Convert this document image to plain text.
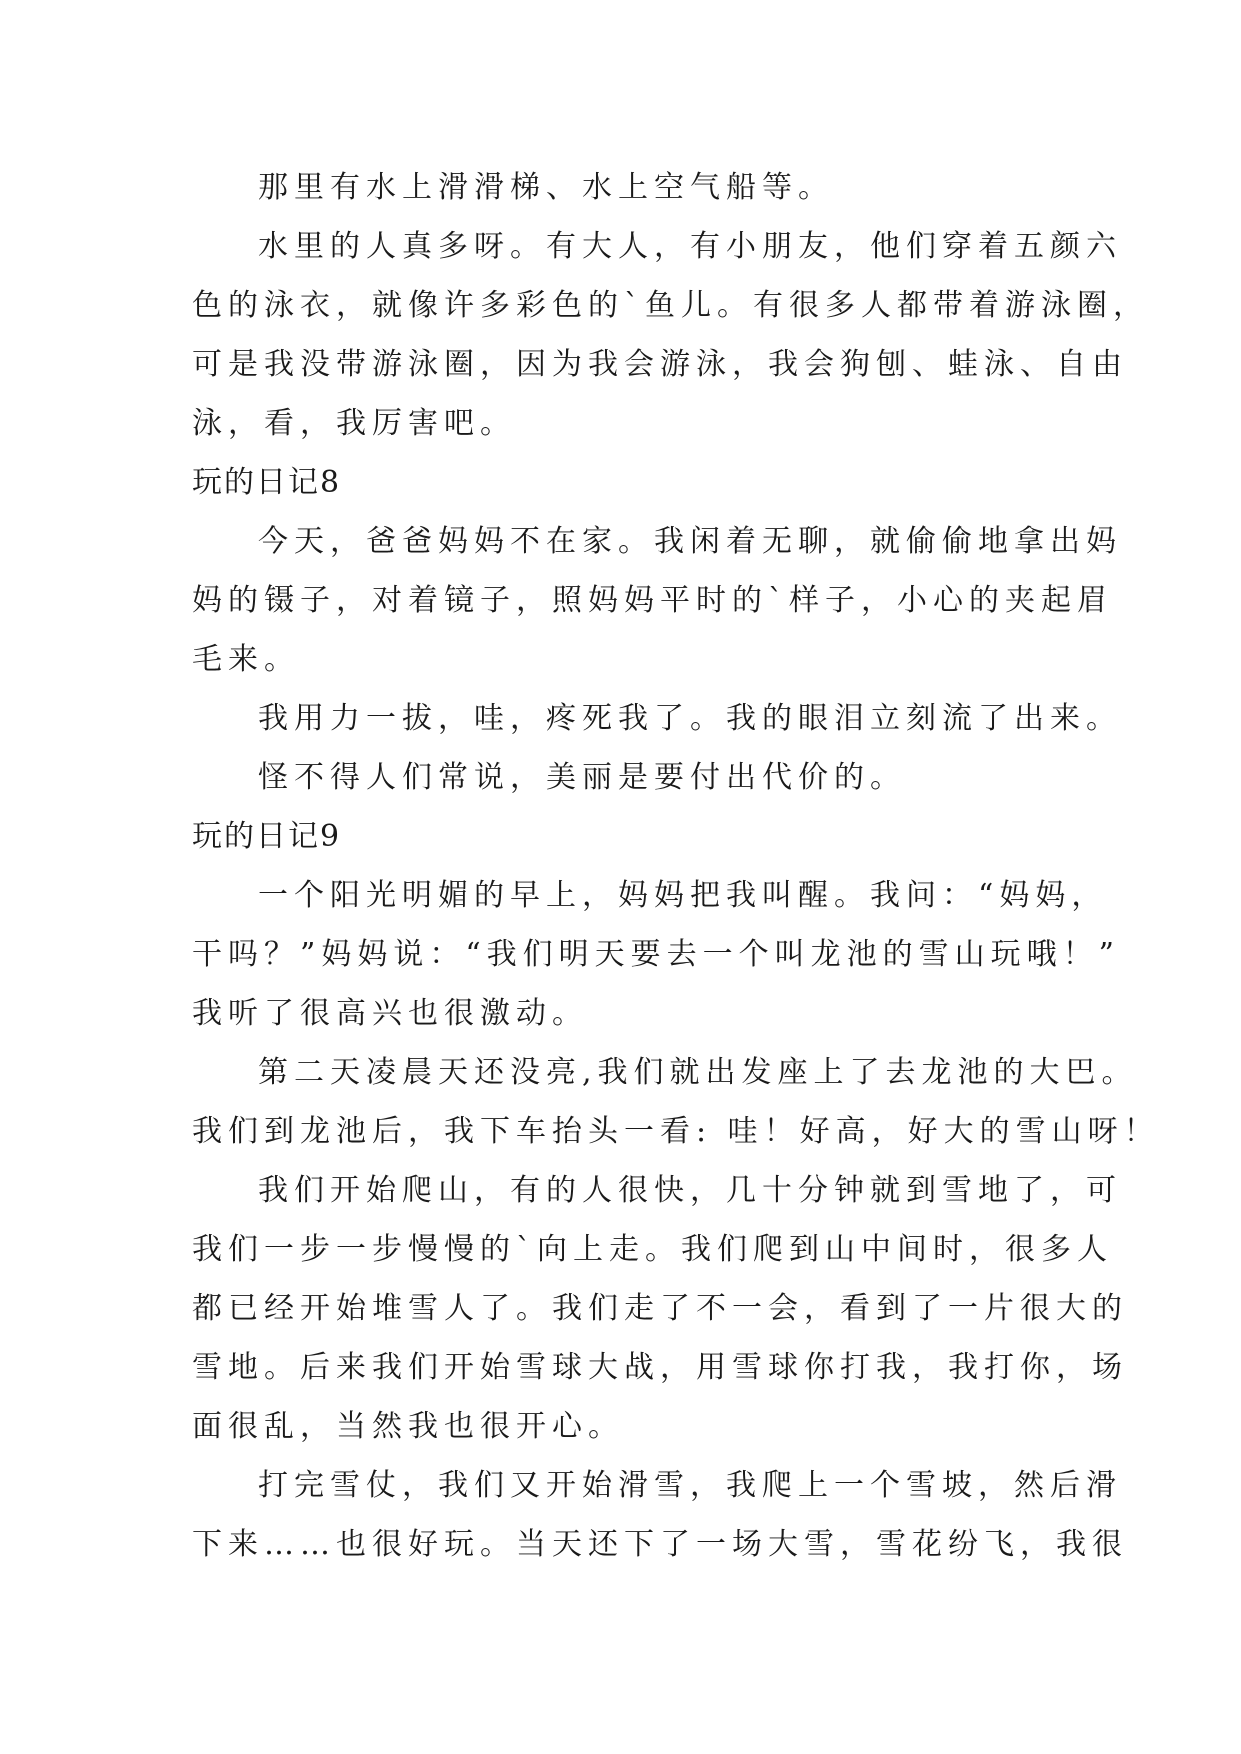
那里有水上滑滑梯、水上空气船等。
水里的人真多呀。有大人，有小朋友，他们穿着五颜六
色的泳衣，就像许多彩色的`鱼儿。有很多人都带着游泳圈，
可是我没带游泳圈，因为我会游泳，我会狗刨、蛙泳、自由
泳，看，我厉害吧。
玩的日记8
今天，爸爸妈妈不在家。我闲着无聊，就偷偷地拿出妈
妈的镊子，对着镜子，照妈妈平时的`样子，小心的夹起眉
毛来。
我用力一拔，哇，疼死我了。我的眼泪立刻流了出来。
怪不得人们常说，美丽是要付出代价的。
玩的日记9
一个阳光明媚的早上，妈妈把我叫醒。我问：“妈妈，
干吗？”妈妈说：“我们明天要去一个叫龙池的雪山玩哦！”
我听了很高兴也很激动。
第二天凌晨天还没亮,我们就出发座上了去龙池的大巴。
我们到龙池后，我下车抬头一看: 哇！好高，好大的雪山呀！
我们开始爬山，有的人很快，几十分钟就到雪地了，可
我们一步一步慢慢的`向上走。我们爬到山中间时，很多人
都已经开始堆雪人了。我们走了不一会，看到了一片很大的
雪地。后来我们开始雪球大战，用雪球你打我，我打你，场
面很乱，当然我也很开心。
打完雪仗，我们又开始滑雪，我爬上一个雪坡，然后滑
下来……也很好玩。当天还下了一场大雪，雪花纷飞，我很
